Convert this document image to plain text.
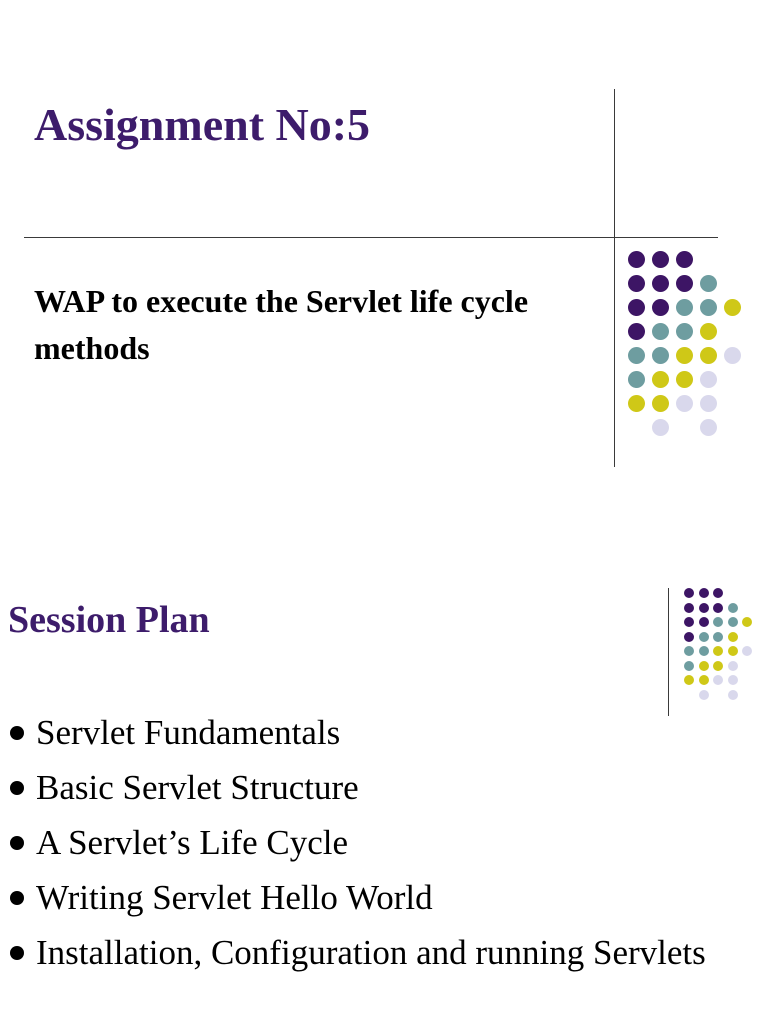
Assignment No:5
WAP to execute the Servlet life cycle methods
Session Plan
Servlet Fundamentals
Basic Servlet Structure
A Servlet’s Life Cycle
Writing Servlet Hello World
Installation, Configuration and running Servlets
